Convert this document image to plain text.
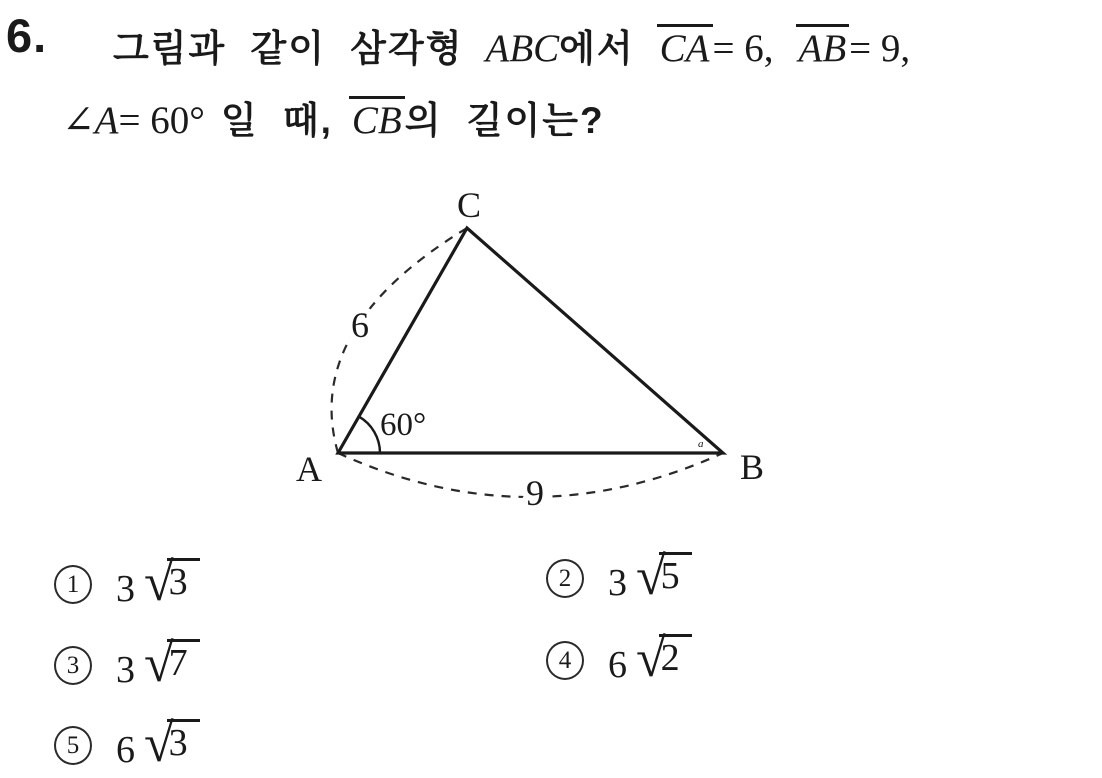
6. 그림과 같이 삼각형 ABC 에서 CA = 6, AB = 9,
∠A = 60° 일 때, CB 의 길이는?
A	B
C
6
9
60°
a
1 3 √
3	2 3 √
5
3 3 √
7	4 6 √
2
5 6 √
3
